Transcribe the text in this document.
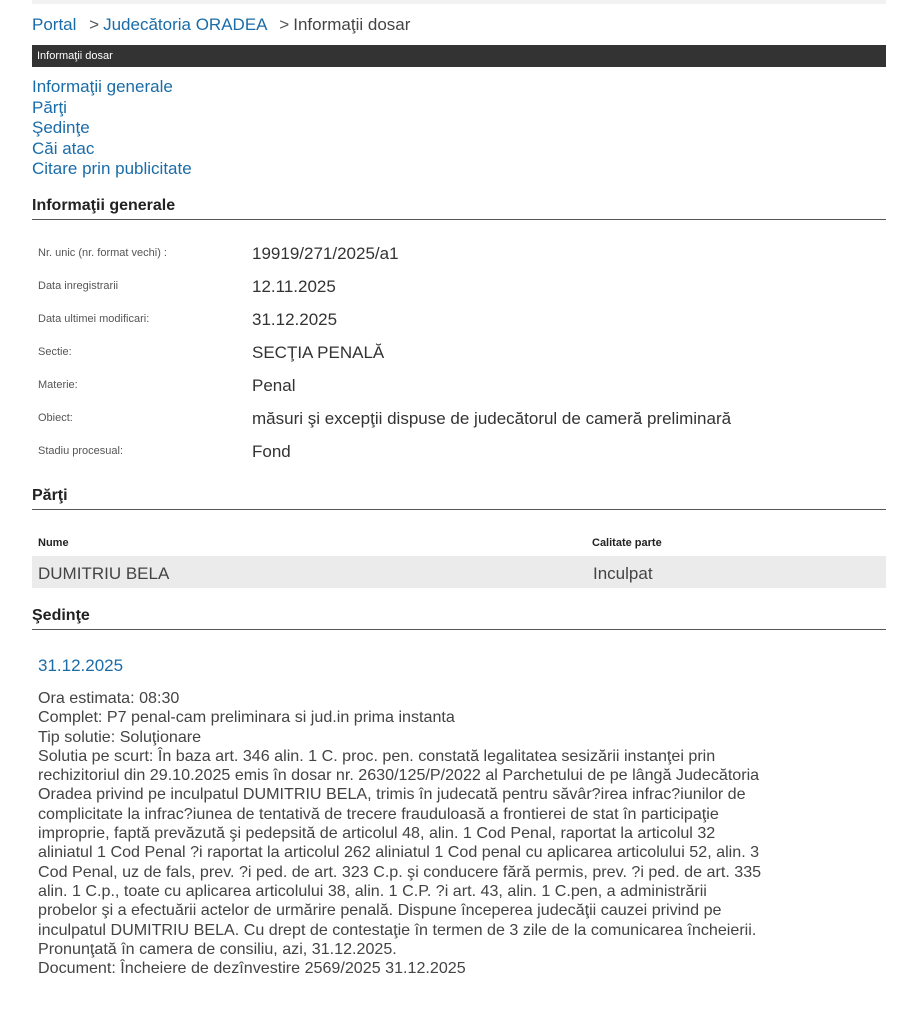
Portal > Judecătoria ORADEA > Informaţii dosar
Informaţii dosar
Informaţii generale
Părţi
Şedinţe
Căi atac
Citare prin publicitate
Informaţii generale
Nr. unic (nr. format vechi) :	19919/271/2025/a1
Data inregistrarii	12.11.2025
Data ultimei modificari:	31.12.2025
Sectie:	SECŢIA PENALĂ
Materie:	Penal
Obiect:	măsuri şi excepţii dispuse de judecătorul de cameră preliminară
Stadiu procesual:	Fond
Părţi
Nume	Calitate parte
DUMITRIU BELA	Inculpat
Şedinţe
31.12.2025
Ora estimata: 08:30
Complet: P7 penal-cam preliminara si jud.in prima instanta
Tip solutie: Soluţionare
Solutia pe scurt: În baza art. 346 alin. 1 C. proc. pen. constată legalitatea sesizării instanţei prin
rechizitoriul din 29.10.2025 emis în dosar nr. 2630/125/P/2022 al Parchetului de pe lângă Judecătoria
Oradea privind pe inculpatul DUMITRIU BELA, trimis în judecată pentru săvâr?irea infrac?iunilor de
complicitate la infrac?iunea de tentativă de trecere frauduloasă a frontierei de stat în participaţie
improprie, faptă prevăzută şi pedepsită de articolul 48, alin. 1 Cod Penal, raportat la articolul 32
aliniatul 1 Cod Penal ?i raportat la articolul 262 aliniatul 1 Cod penal cu aplicarea articolului 52, alin. 3
Cod Penal, uz de fals, prev. ?i ped. de art. 323 C.p. şi conducere fără permis, prev. ?i ped. de art. 335
alin. 1 C.p., toate cu aplicarea articolului 38, alin. 1 C.P. ?i art. 43, alin. 1 C.pen, a administrării
probelor şi a efectuării actelor de urmărire penală. Dispune începerea judecăţii cauzei privind pe
inculpatul DUMITRIU BELA. Cu drept de contestaţie în termen de 3 zile de la comunicarea încheierii.
Pronunţată în camera de consiliu, azi, 31.12.2025.
Document: Încheiere de dezînvestire 2569/2025 31.12.2025
